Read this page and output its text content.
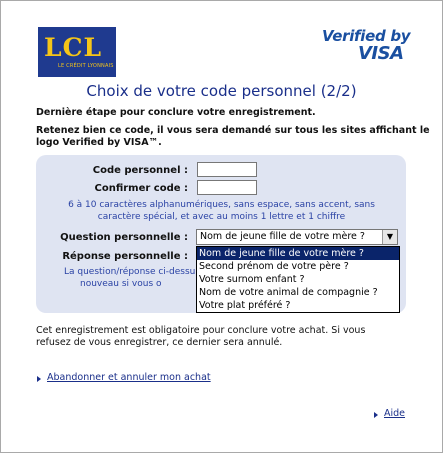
LCL
LE CRÉDIT LYONNAIS
Verified by
VISA
Choix de votre code personnel (2/2)
Dernière étape pour conclure votre enregistrement.
Retenez bien ce code, il vous sera demandé sur tous les sites affichant le
logo Verified by VISA™.
Code personnel :
Confirmer code :
6 à 10 caractères alphanumériques, sans espace, sans accent, sans
caractère spécial, et avec au moins 1 lettre et 1 chiffre
Question personnelle :	Nom de jeune fille de votre mère ?	▼
Nom de jeune fille de votre mère ?
Second prénom de votre père ?
Votre surnom enfant ?
Nom de votre animal de compagnie ?
Votre plat préféré ?
Réponse personnelle :
La question/réponse ci-dessu
nouveau si vous o
Cet enregistrement est obligatoire pour conclure votre achat. Si vous
refusez de vous enregistrer, ce dernier sera annulé.
Abandonner et annuler mon achat
Aide
